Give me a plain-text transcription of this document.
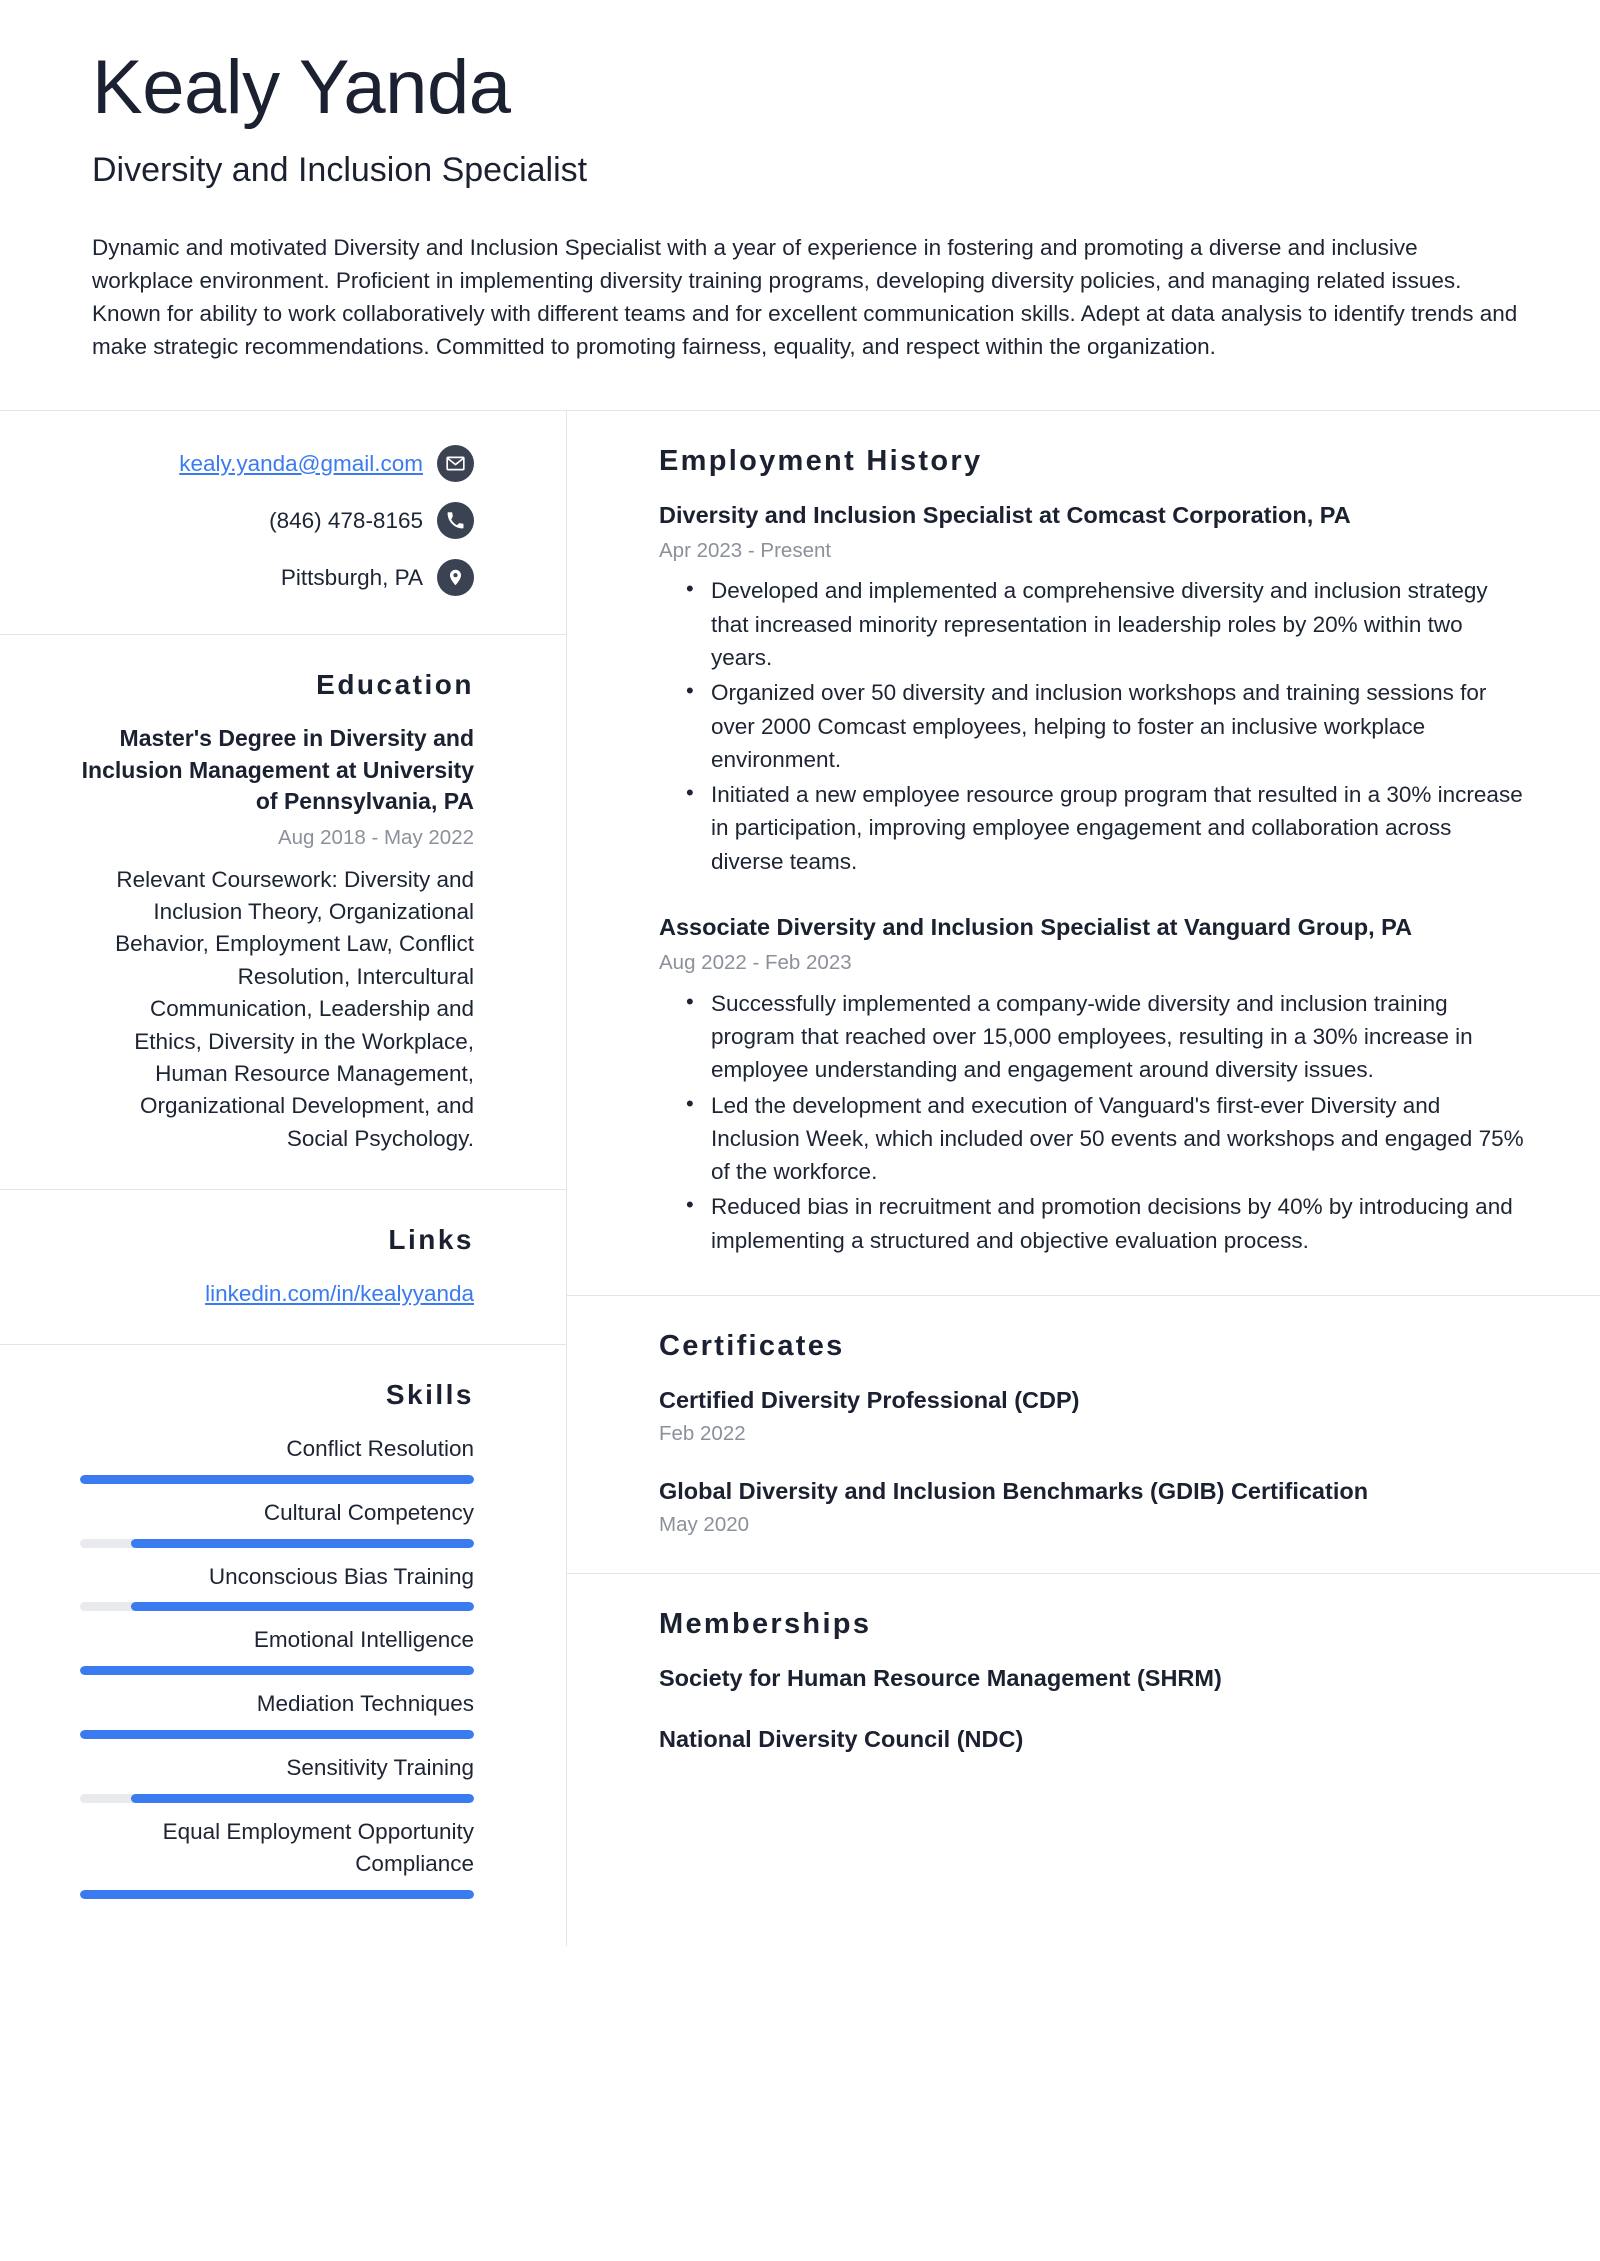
Kealy Yanda
Diversity and Inclusion Specialist

Dynamic and motivated Diversity and Inclusion Specialist with a year of experience in fostering and promoting a diverse and inclusive workplace environment. Proficient in implementing diversity training programs, developing diversity policies, and managing related issues. Known for ability to work collaboratively with different teams and for excellent communication skills. Adept at data analysis to identify trends and make strategic recommendations. Committed to promoting fairness, equality, and respect within the organization.

kealy.yanda@gmail.com
(846) 478-8165
Pittsburgh, PA
Education
Master's Degree in Diversity and Inclusion Management at University of Pennsylvania, PA
Aug 2018 - May 2022
Relevant Coursework: Diversity and Inclusion Theory, Organizational Behavior, Employment Law, Conflict Resolution, Intercultural Communication, Leadership and Ethics, Diversity in the Workplace, Human Resource Management, Organizational Development, and Social Psychology.
Links
linkedin.com/in/kealyyanda
Skills
Conflict Resolution
Cultural Competency
Unconscious Bias Training
Emotional Intelligence
Mediation Techniques
Sensitivity Training
Equal Employment Opportunity Compliance
Employment History
Diversity and Inclusion Specialist at Comcast Corporation, PA
Apr 2023 - Present
• Developed and implemented a comprehensive diversity and inclusion strategy that increased minority representation in leadership roles by 20% within two years.
• Organized over 50 diversity and inclusion workshops and training sessions for over 2000 Comcast employees, helping to foster an inclusive workplace environment.
• Initiated a new employee resource group program that resulted in a 30% increase in participation, improving employee engagement and collaboration across diverse teams.
Associate Diversity and Inclusion Specialist at Vanguard Group, PA
Aug 2022 - Feb 2023
• Successfully implemented a company-wide diversity and inclusion training program that reached over 15,000 employees, resulting in a 30% increase in employee understanding and engagement around diversity issues.
• Led the development and execution of Vanguard's first-ever Diversity and Inclusion Week, which included over 50 events and workshops and engaged 75% of the workforce.
• Reduced bias in recruitment and promotion decisions by 40% by introducing and implementing a structured and objective evaluation process.
Certificates
Certified Diversity Professional (CDP)
Feb 2022
Global Diversity and Inclusion Benchmarks (GDIB) Certification
May 2020
Memberships
Society for Human Resource Management (SHRM)
National Diversity Council (NDC)
